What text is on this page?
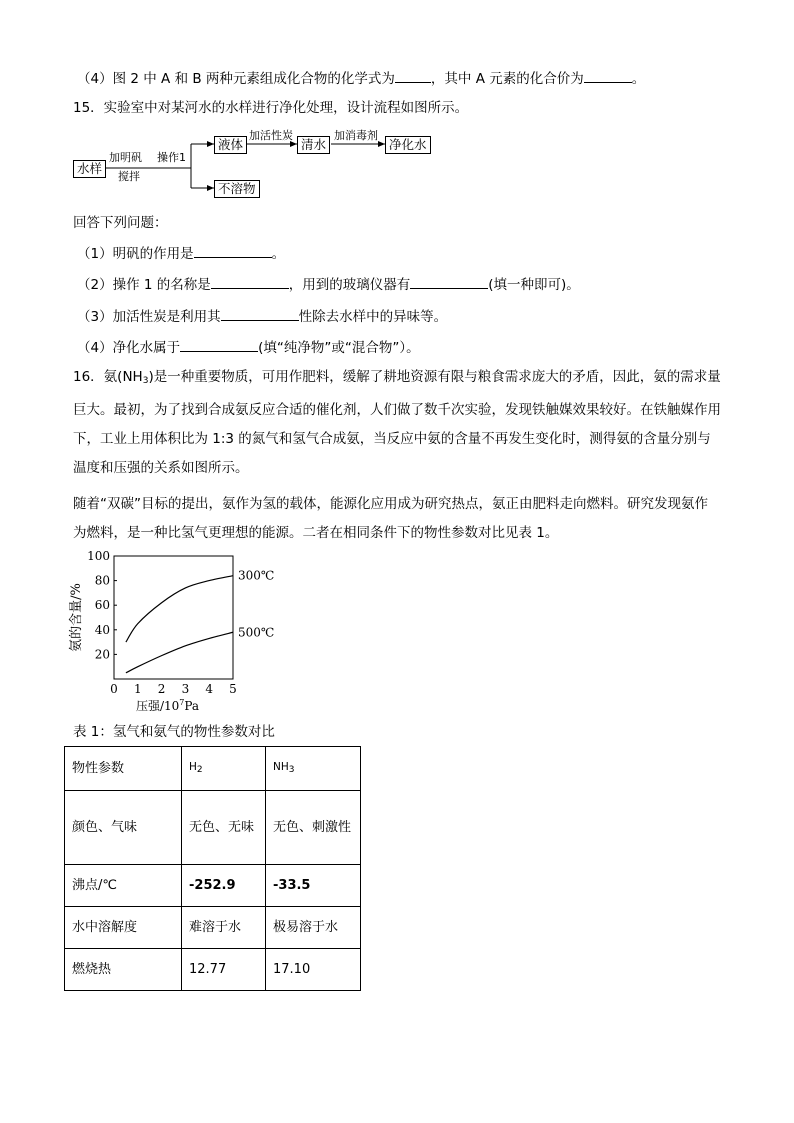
（4）图 2 中 A 和 B 两种元素组成化合物的化学式为	，其中 A 元素的化合价为	。
15．实验室中对某河水的水样进行净化处理，设计流程如图所示。
水样
加明矾
搅拌
操作1
液体
加活性炭
清水
加消毒剂
净化水
不溶物
回答下列问题：
（1）明矾的作用是	。
（2）操作 1 的名称是	，用到的玻璃仪器有	(填一种即可)。
（3）加活性炭是利用其	性除去水样中的异味等。
（4）净化水属于	(填“纯净物”或“混合物”）。
16．氨$(NH_3)$是一种重要物质，可用作肥料，缓解了耕地资源有限与粮食需求庞大的矛盾，因此，氨的需求量巨大。最初，为了找到合成氨反应合适的催化剂，人们做了数千次实验，发现铁触媒效果较好。在铁触媒作用下，工业上用体积比为 1:3 的氮气和氢气合成氨，当反应中氨的含量不再发生变化时，测得氨的含量分别与温度和压强的关系如图所示。
随着“双碳”目标的提出，氨作为氢的载体，能源化应用成为研究热点，氨正由肥料走向燃料。研究发现氨作为燃料，是一种比氢气更理想的能源。二者在相同条件下的物性参数对比见表 1。
20
40
60
80
100
0 1 2 3 4 5
300℃
500℃
氨的含量/%
压强$/10^7Pa$
表 1：氢气和氨气的物性参数对比
物性参数	$H_2$	$NH_3$
颜色、气味	无色、无味	无色、刺激性
沸点/℃	-252.9	-33.5
水中溶解度	难溶于水	极易溶于水
燃烧热	12.77	17.10
